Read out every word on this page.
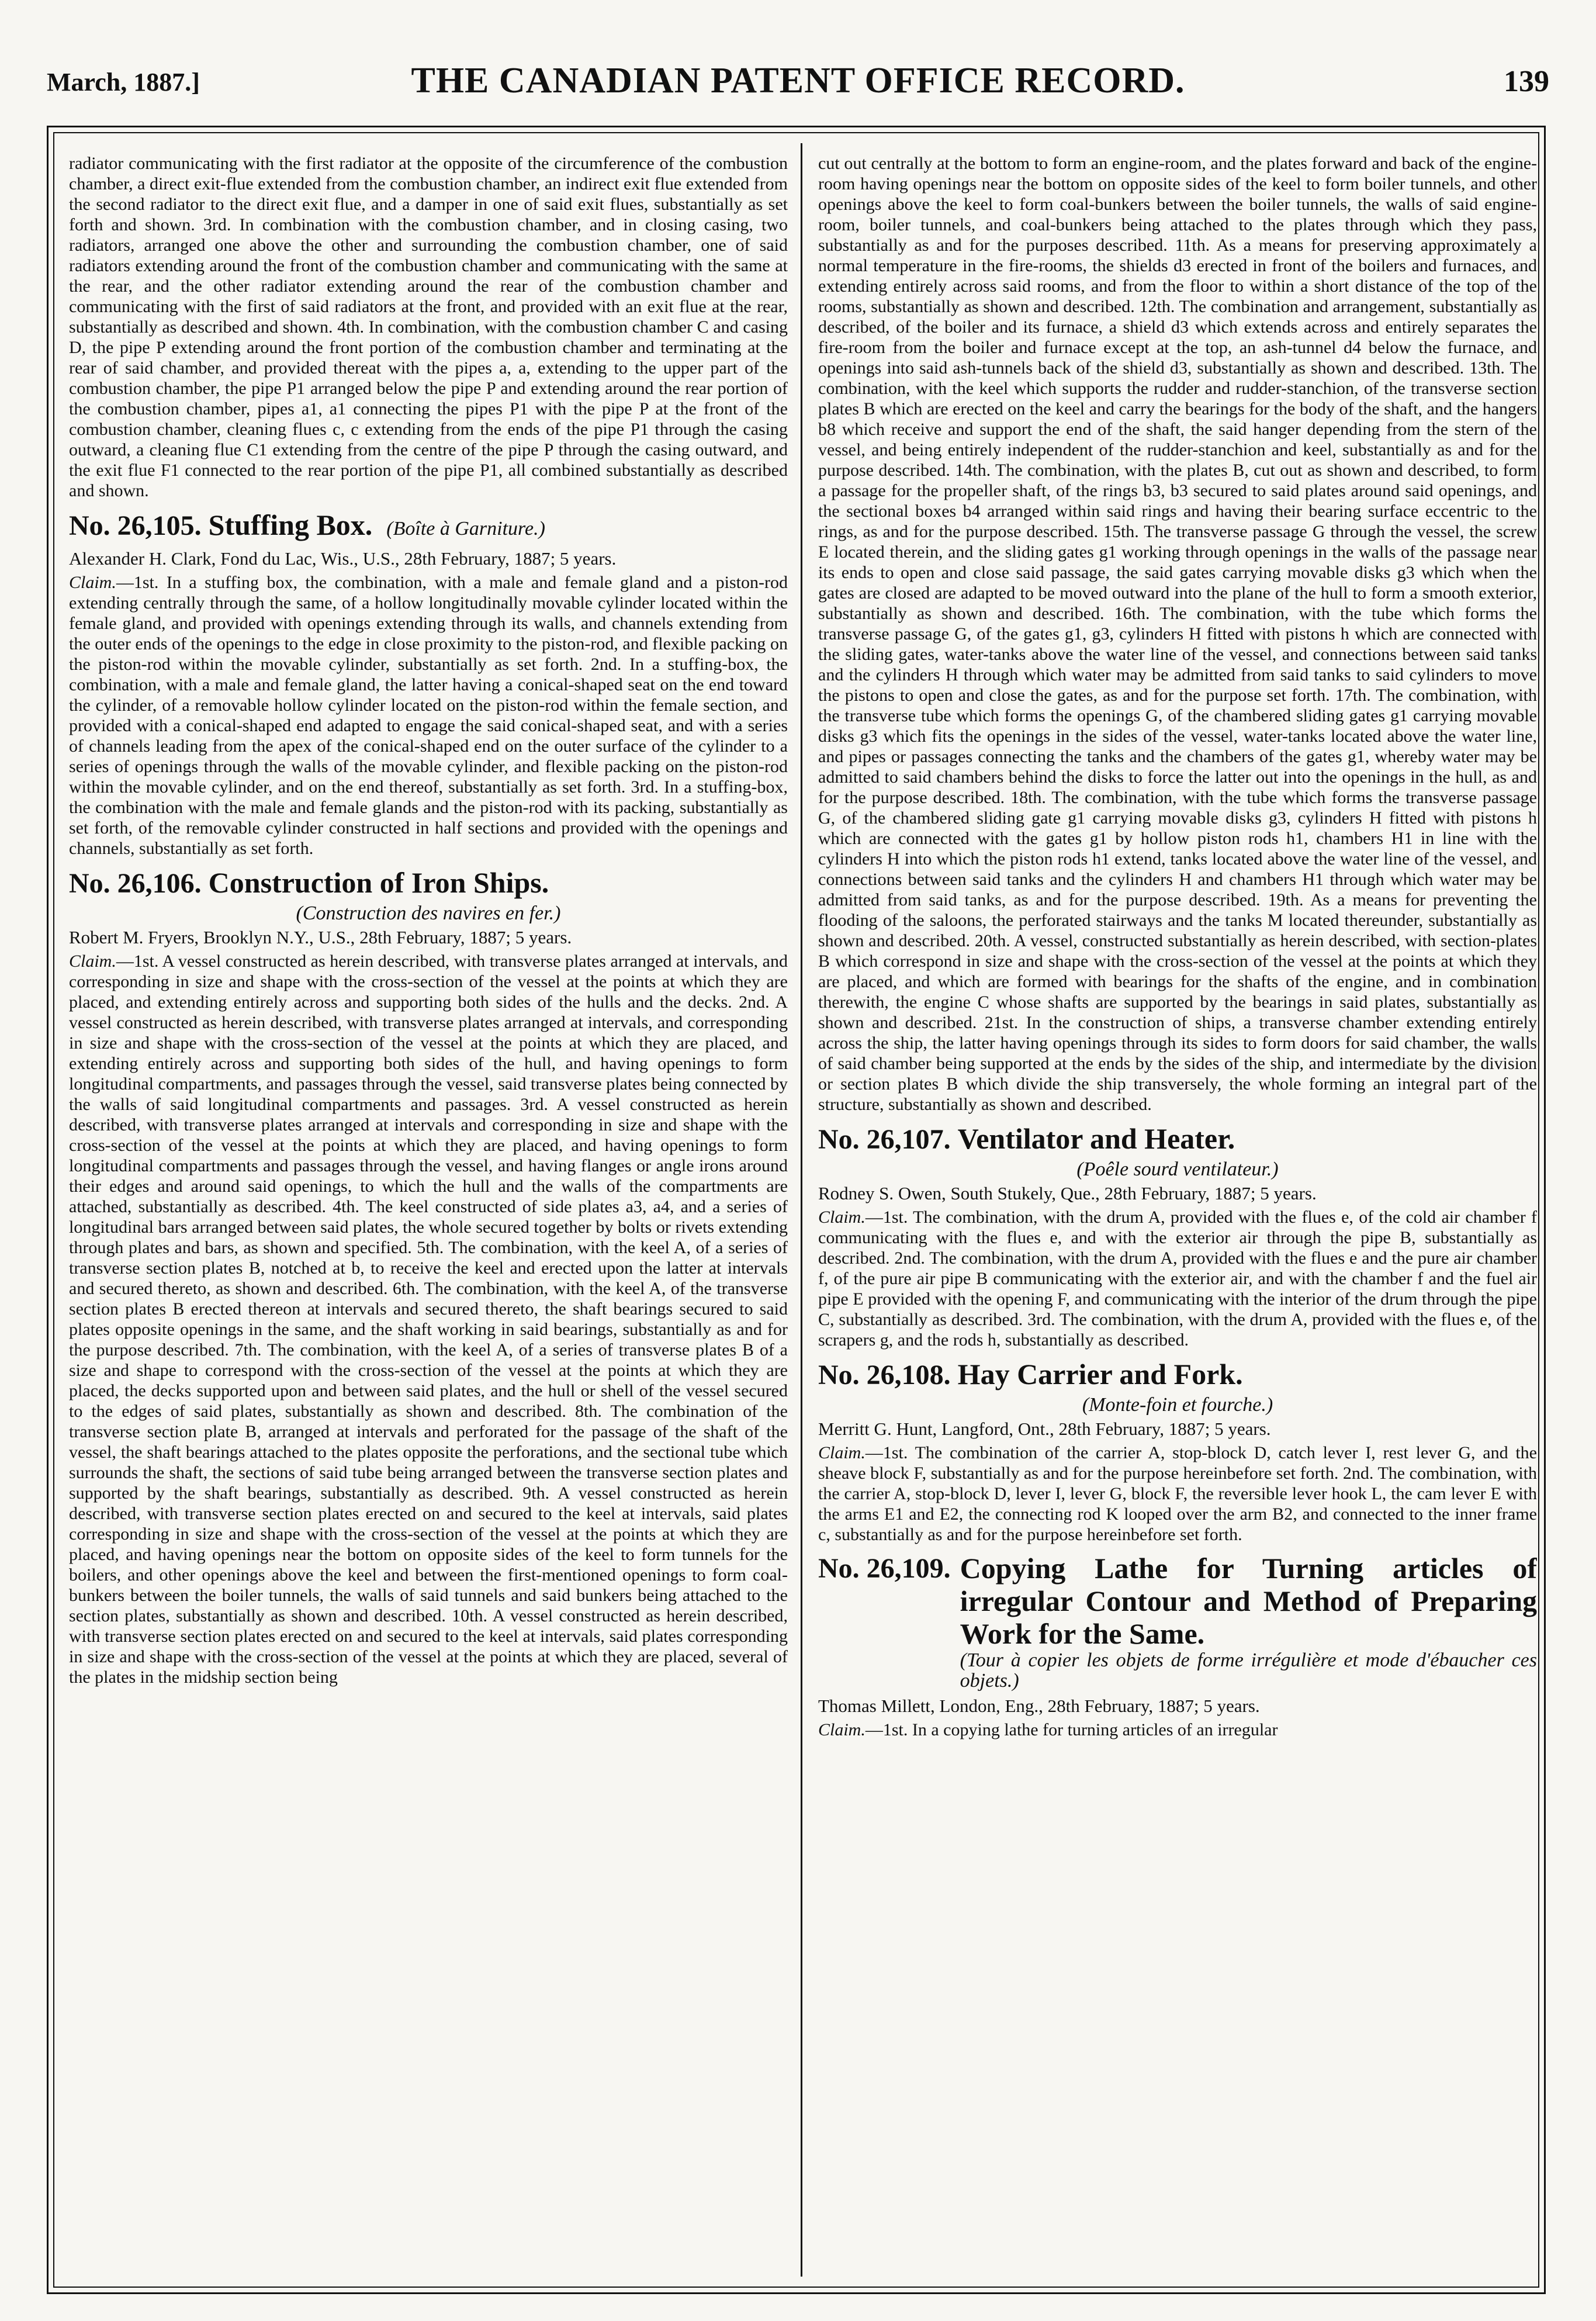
March, 1887.]	THE CANADIAN PATENT OFFICE RECORD.	139

radiator communicating with the first radiator at the opposite of the circumference of the combustion chamber, a direct exit-flue extended from the combustion chamber, an indirect exit flue extended from the second radiator to the direct exit flue, and a damper in one of said exit flues, substantially as set forth and shown. 3rd. In combination with the combustion chamber, and in closing casing, two radiators, arranged one above the other and surrounding the combustion chamber, one of said radiators extending around the front of the combustion chamber and communicating with the same at the rear, and the other radiator extending around the rear of the combustion chamber and communicating with the first of said radiators at the front, and provided with an exit flue at the rear, substantially as described and shown. 4th. In combination, with the combustion chamber C and casing D, the pipe P extending around the front portion of the combustion chamber and terminating at the rear of said chamber, and provided thereat with the pipes a, a, extending to the upper part of the combustion chamber, the pipe P1 arranged below the pipe P and extending around the rear portion of the combustion chamber, pipes a1, a1 connecting the pipes P1 with the pipe P at the front of the combustion chamber, cleaning flues c, c extending from the ends of the pipe P1 through the casing outward, a cleaning flue C1 extending from the centre of the pipe P through the casing outward, and the exit flue F1 connected to the rear portion of the pipe P1, all combined substantially as described and shown.

No. 26,105. Stuffing Box. (Boîte à Garniture.)

Alexander H. Clark, Fond du Lac, Wis., U.S., 28th February, 1887; 5 years.

Claim.—1st. In a stuffing box, the combination, with a male and female gland and a piston-rod extending centrally through the same, of a hollow longitudinally movable cylinder located within the female gland, and provided with openings extending through its walls, and channels extending from the outer ends of the openings to the edge in close proximity to the piston-rod, and flexible packing on the piston-rod within the movable cylinder, substantially as set forth. 2nd. In a stuffing-box, the combination, with a male and female gland, the latter having a conical-shaped seat on the end toward the cylinder, of a removable hollow cylinder located on the piston-rod within the female section, and provided with a conical-shaped end adapted to engage the said conical-shaped seat, and with a series of channels leading from the apex of the conical-shaped end on the outer surface of the cylinder to a series of openings through the walls of the movable cylinder, and flexible packing on the piston-rod within the movable cylinder, and on the end thereof, substantially as set forth. 3rd. In a stuffing-box, the combination with the male and female glands and the piston-rod with its packing, substantially as set forth, of the removable cylinder constructed in half sections and provided with the openings and channels, substantially as set forth.

No. 26,106. Construction of Iron Ships.

(Construction des navires en fer.)

Robert M. Fryers, Brooklyn N.Y., U.S., 28th February, 1887; 5 years.

Claim.—1st. A vessel constructed as herein described, with transverse plates arranged at intervals, and corresponding in size and shape with the cross-section of the vessel at the points at which they are placed, and extending entirely across and supporting both sides of the hulls and the decks. 2nd. A vessel constructed as herein described, with transverse plates arranged at intervals, and corresponding in size and shape with the cross-section of the vessel at the points at which they are placed, and extending entirely across and supporting both sides of the hull, and having openings to form longitudinal compartments, and passages through the vessel, said transverse plates being connected by the walls of said longitudinal compartments and passages. 3rd. A vessel constructed as herein described, with transverse plates arranged at intervals and corresponding in size and shape with the cross-section of the vessel at the points at which they are placed, and having openings to form longitudinal compartments and passages through the vessel, and having flanges or angle irons around their edges and around said openings, to which the hull and the walls of the compartments are attached, substantially as described. 4th. The keel constructed of side plates a3, a4, and a series of longitudinal bars arranged between said plates, the whole secured together by bolts or rivets extending through plates and bars, as shown and specified. 5th. The combination, with the keel A, of a series of transverse section plates B, notched at b, to receive the keel and erected upon the latter at intervals and secured thereto, as shown and described. 6th. The combination, with the keel A, of the transverse section plates B erected thereon at intervals and secured thereto, the shaft bearings secured to said plates opposite openings in the same, and the shaft working in said bearings, substantially as and for the purpose described. 7th. The combination, with the keel A, of a series of transverse plates B of a size and shape to correspond with the cross-section of the vessel at the points at which they are placed, the decks supported upon and between said plates, and the hull or shell of the vessel secured to the edges of said plates, substantially as shown and described. 8th. The combination of the transverse section plate B, arranged at intervals and perforated for the passage of the shaft of the vessel, the shaft bearings attached to the plates opposite the perforations, and the sectional tube which surrounds the shaft, the sections of said tube being arranged between the transverse section plates and supported by the shaft bearings, substantially as described. 9th. A vessel constructed as herein described, with transverse section plates erected on and secured to the keel at intervals, said plates corresponding in size and shape with the cross-section of the vessel at the points at which they are placed, and having openings near the bottom on opposite sides of the keel to form tunnels for the boilers, and other openings above the keel and between the first-mentioned openings to form coal-bunkers between the boiler tunnels, the walls of said tunnels and said bunkers being attached to the section plates, substantially as shown and described. 10th. A vessel constructed as herein described, with transverse section plates erected on and secured to the keel at intervals, said plates corresponding in size and shape with the cross-section of the vessel at the points at which they are placed, several of the plates in the midship section being

cut out centrally at the bottom to form an engine-room, and the plates forward and back of the engine-room having openings near the bottom on opposite sides of the keel to form boiler tunnels, and other openings above the keel to form coal-bunkers between the boiler tunnels, the walls of said engine-room, boiler tunnels, and coal-bunkers being attached to the plates through which they pass, substantially as and for the purposes described. 11th. As a means for preserving approximately a normal temperature in the fire-rooms, the shields d3 erected in front of the boilers and furnaces, and extending entirely across said rooms, and from the floor to within a short distance of the top of the rooms, substantially as shown and described. 12th. The combination and arrangement, substantially as described, of the boiler and its furnace, a shield d3 which extends across and entirely separates the fire-room from the boiler and furnace except at the top, an ash-tunnel d4 below the furnace, and openings into said ash-tunnels back of the shield d3, substantially as shown and described. 13th. The combination, with the keel which supports the rudder and rudder-stanchion, of the transverse section plates B which are erected on the keel and carry the bearings for the body of the shaft, and the hangers b8 which receive and support the end of the shaft, the said hanger depending from the stern of the vessel, and being entirely independent of the rudder-stanchion and keel, substantially as and for the purpose described. 14th. The combination, with the plates B, cut out as shown and described, to form a passage for the propeller shaft, of the rings b3, b3 secured to said plates around said openings, and the sectional boxes b4 arranged within said rings and having their bearing surface eccentric to the rings, as and for the purpose described. 15th. The transverse passage G through the vessel, the screw E located therein, and the sliding gates g1 working through openings in the walls of the passage near its ends to open and close said passage, the said gates carrying movable disks g3 which when the gates are closed are adapted to be moved outward into the plane of the hull to form a smooth exterior, substantially as shown and described. 16th. The combination, with the tube which forms the transverse passage G, of the gates g1, g3, cylinders H fitted with pistons h which are connected with the sliding gates, water-tanks above the water line of the vessel, and connections between said tanks and the cylinders H through which water may be admitted from said tanks to said cylinders to move the pistons to open and close the gates, as and for the purpose set forth. 17th. The combination, with the transverse tube which forms the openings G, of the chambered sliding gates g1 carrying movable disks g3 which fits the openings in the sides of the vessel, water-tanks located above the water line, and pipes or passages connecting the tanks and the chambers of the gates g1, whereby water may be admitted to said chambers behind the disks to force the latter out into the openings in the hull, as and for the purpose described. 18th. The combination, with the tube which forms the transverse passage G, of the chambered sliding gate g1 carrying movable disks g3, cylinders H fitted with pistons h which are connected with the gates g1 by hollow piston rods h1, chambers H1 in line with the cylinders H into which the piston rods h1 extend, tanks located above the water line of the vessel, and connections between said tanks and the cylinders H and chambers H1 through which water may be admitted from said tanks, as and for the purpose described. 19th. As a means for preventing the flooding of the saloons, the perforated stairways and the tanks M located thereunder, substantially as shown and described. 20th. A vessel, constructed substantially as herein described, with section-plates B which correspond in size and shape with the cross-section of the vessel at the points at which they are placed, and which are formed with bearings for the shafts of the engine, and in combination therewith, the engine C whose shafts are supported by the bearings in said plates, substantially as shown and described. 21st. In the construction of ships, a transverse chamber extending entirely across the ship, the latter having openings through its sides to form doors for said chamber, the walls of said chamber being supported at the ends by the sides of the ship, and intermediate by the division or section plates B which divide the ship transversely, the whole forming an integral part of the structure, substantially as shown and described.

No. 26,107. Ventilator and Heater.

(Poêle sourd ventilateur.)

Rodney S. Owen, South Stukely, Que., 28th February, 1887; 5 years.

Claim.—1st. The combination, with the drum A, provided with the flues e, of the cold air chamber f communicating with the flues e, and with the exterior air through the pipe B, substantially as described. 2nd. The combination, with the drum A, provided with the flues e and the pure air chamber f, of the pure air pipe B communicating with the exterior air, and with the chamber f and the fuel air pipe E provided with the opening F, and communicating with the interior of the drum through the pipe C, substantially as described. 3rd. The combination, with the drum A, provided with the flues e, of the scrapers g, and the rods h, substantially as described.

No. 26,108. Hay Carrier and Fork.

(Monte-foin et fourche.)

Merritt G. Hunt, Langford, Ont., 28th February, 1887; 5 years.

Claim.—1st. The combination of the carrier A, stop-block D, catch lever I, rest lever G, and the sheave block F, substantially as and for the purpose hereinbefore set forth. 2nd. The combination, with the carrier A, stop-block D, lever I, lever G, block F, the reversible lever hook L, the cam lever E with the arms E1 and E2, the connecting rod K looped over the arm B2, and connected to the inner frame c, substantially as and for the purpose hereinbefore set forth.

No. 26,109. Copying Lathe for Turning articles of irregular Contour and Method of Preparing Work for the Same.
(Tour à copier les objets de forme irrégulière et mode d'ébaucher ces objets.)

Thomas Millett, London, Eng., 28th February, 1887; 5 years.

Claim.—1st. In a copying lathe for turning articles of an irregular
